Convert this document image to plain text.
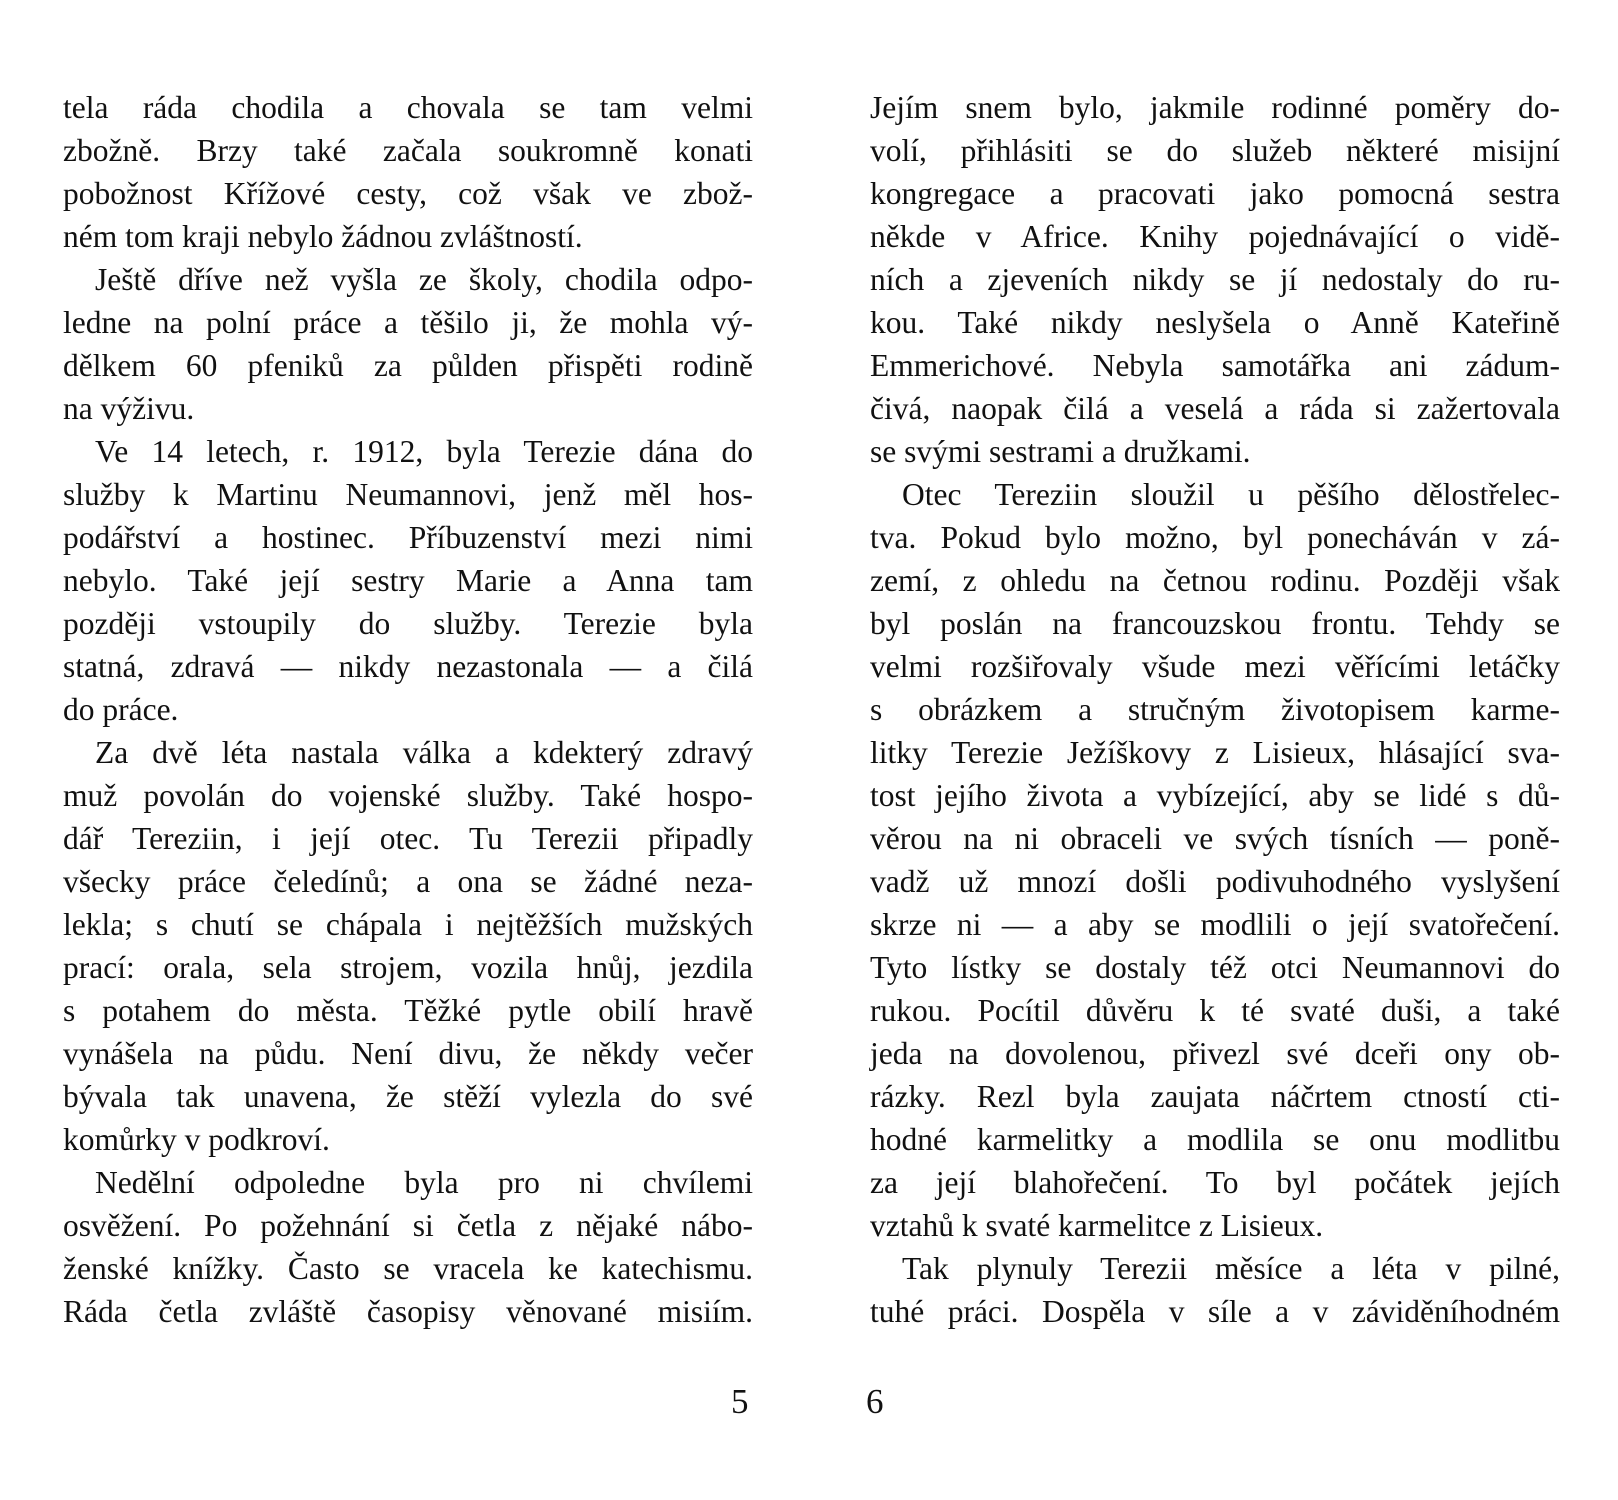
tela ráda chodila a chovala se tam velmi
zbožně. Brzy také začala soukromně konati
pobožnost Křížové cesty, což však ve zbož-
ném tom kraji nebylo žádnou zvláštností.
Ještě dříve než vyšla ze školy, chodila odpo-
ledne na polní práce a těšilo ji, že mohla vý-
dělkem 60 pfeniků za půlden přispěti rodině
na výživu.
Ve 14 letech, r. 1912, byla Terezie dána do
služby k Martinu Neumannovi, jenž měl hos-
podářství a hostinec. Příbuzenství mezi nimi
nebylo. Také její sestry Marie a Anna tam
později vstoupily do služby. Terezie byla
statná, zdravá — nikdy nezastonala — a čilá
do práce.
Za dvě léta nastala válka a kdekterý zdravý
muž povolán do vojenské služby. Také hospo-
dář Tereziin, i její otec. Tu Terezii připadly
všecky práce čeledínů; a ona se žádné neza-
lekla; s chutí se chápala i nejtěžších mužských
prací: orala, sela strojem, vozila hnůj, jezdila
s potahem do města. Těžké pytle obilí hravě
vynášela na půdu. Není divu, že někdy večer
bývala tak unavena, že stěží vylezla do své
komůrky v podkroví.
Nedělní odpoledne byla pro ni chvílemi
osvěžení. Po požehnání si četla z nějaké nábo-
ženské knížky. Často se vracela ke katechismu.
Ráda četla zvláště časopisy věnované misiím.
Jejím snem bylo, jakmile rodinné poměry do-
volí, přihlásiti se do služeb některé misijní
kongregace a pracovati jako pomocná sestra
někde v Africe. Knihy pojednávající o vidě-
ních a zjeveních nikdy se jí nedostaly do ru-
kou. Také nikdy neslyšela o Anně Kateřině
Emmerichové. Nebyla samotářka ani zádum-
čivá, naopak čilá a veselá a ráda si zažertovala
se svými sestrami a družkami.
Otec Tereziin sloužil u pěšího dělostřelec-
tva. Pokud bylo možno, byl ponecháván v zá-
zemí, z ohledu na četnou rodinu. Později však
byl poslán na francouzskou frontu. Tehdy se
velmi rozšiřovaly všude mezi věřícími letáčky
s obrázkem a stručným životopisem karme-
litky Terezie Ježíškovy z Lisieux, hlásající sva-
tost jejího života a vybízející, aby se lidé s dů-
věrou na ni obraceli ve svých tísních — poně-
vadž už mnozí došli podivuhodného vyslyšení
skrze ni — a aby se modlili o její svatořečení.
Tyto lístky se dostaly též otci Neumannovi do
rukou. Pocítil důvěru k té svaté duši, a také
jeda na dovolenou, přivezl své dceři ony ob-
rázky. Rezl byla zaujata náčrtem ctností cti-
hodné karmelitky a modlila se onu modlitbu
za její blahořečení. To byl počátek jejích
vztahů k svaté karmelitce z Lisieux.
Tak plynuly Terezii měsíce a léta v pilné,
tuhé práci. Dospěla v síle a v záviděníhodném
5	6
